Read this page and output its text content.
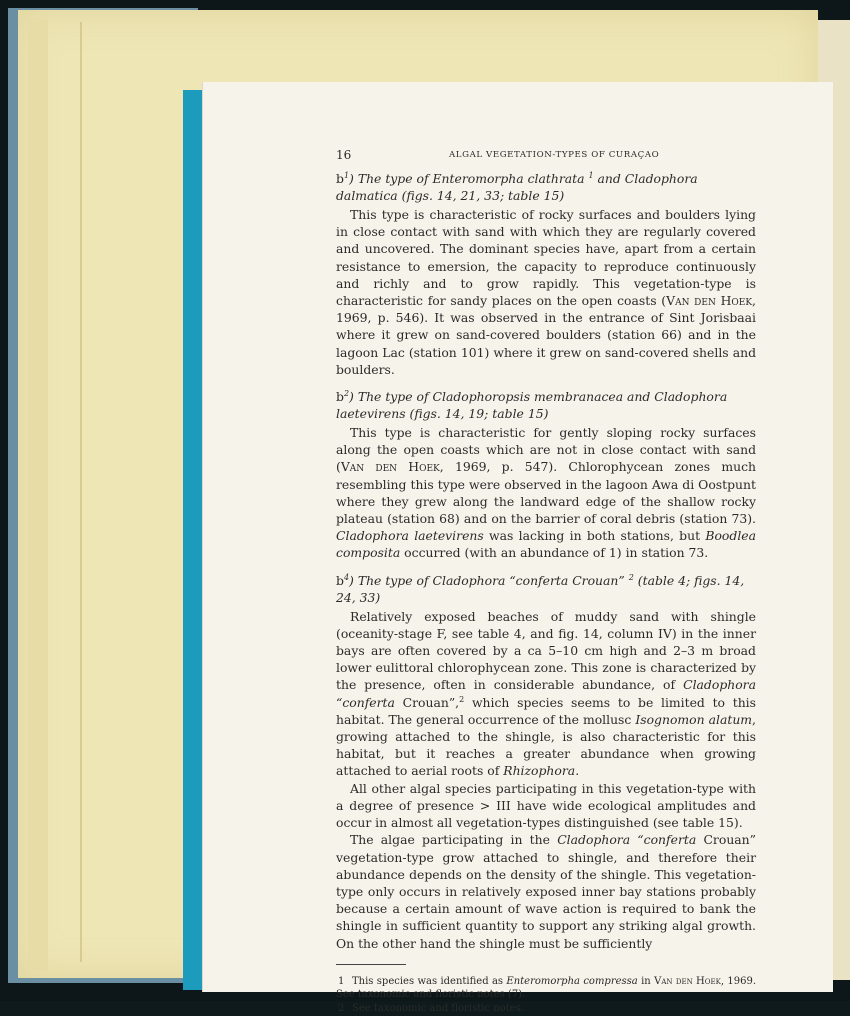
16	ALGAL VEGETATION-TYPES OF CURAÇAO
$b^1$) The type of Enteromorpha clathrata $^1$ and Cladophora dalmatica (figs. 14, 21, 33; table 15)

This type is characteristic of rocky surfaces and boulders lying in close contact with sand with which they are regularly covered and uncovered. The dominant species have, apart from a certain resistance to emersion, the capacity to reproduce continuously and richly and to grow rapidly. This vegetation-type is characteristic for sandy places on the open coasts (Van den Hoek, 1969, p. 546). It was observed in the entrance of Sint Jorisbaai where it grew on sand-covered boulders (station 66) and in the lagoon Lac (station 101) where it grew on sand-covered shells and boulders.

$b^2$) The type of Cladophoropsis membranacea and Cladophora laetevirens (figs. 14, 19; table 15)

This type is characteristic for gently sloping rocky surfaces along the open coasts which are not in close contact with sand (Van den Hoek, 1969, p. 547). Chlorophycean zones much resembling this type were observed in the lagoon Awa di Oostpunt where they grew along the landward edge of the shallow rocky plateau (station 68) and on the barrier of coral debris (station 73). Cladophora laetevirens was lacking in both stations, but Boodlea composita occurred (with an abundance of 1) in station 73.

$b^4$) The type of Cladophora “conferta Crouan” $^2$ (table 4; figs. 14, 24, 33)

Relatively exposed beaches of muddy sand with shingle (oceanity-stage F, see table 4, and fig. 14, column IV) in the inner bays are often covered by a ca 5–10 cm high and 2–3 m broad lower eulittoral chlorophycean zone. This zone is characterized by the presence, often in considerable abundance, of Cladophora “conferta Crouan”,$^2$ which species seems to be limited to this habitat. The general occurrence of the mollusc Isognomon alatum, growing attached to the shingle, is also characteristic for this habitat, but it reaches a greater abundance when growing attached to aerial roots of Rhizophora.

All other algal species participating in this vegetation-type with a degree of presence > III have wide ecological amplitudes and occur in almost all vegetation-types distinguished (see table 15).

The algae participating in the Cladophora “conferta Crouan” vegetation-type grow attached to shingle, and therefore their abundance depends on the density of the shingle. This vegetation-type only occurs in relatively exposed inner bay stations probably because a certain amount of wave action is required to bank the shingle in sufficient quantity to support any striking algal growth. On the other hand the shingle must be sufficiently

1 This species was identified as Enteromorpha compressa in Van den Hoek, 1969. See taxonomic and floristic notes (7).

2 See taxonomic and floristic notes.
